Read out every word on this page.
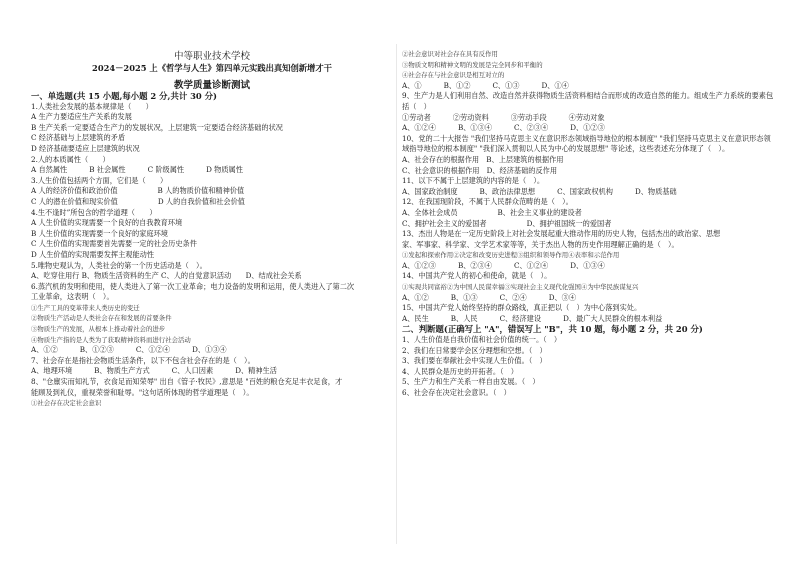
中等职业技术学校
2024－2025 上《哲学与人生》第四单元实践出真知创新增才干
教学质量诊断测试
一、单选题(共 15 小题,每小题 2 分,共计 30 分)
1.人类社会发展的基本规律是（　　）
A 生产力要适应生产关系的发展
B 生产关系一定要适合生产力的发展状况，上层建筑一定要适合经济基础的状况
C 经济基础与上层建筑的矛盾
D 经济基础要适应上层建筑的状况
2.人的本质属性（　　）
A 自然属性	B 社会属性	C 阶级属性	D 物质属性
3.人生价值包括两个方面，它们是（　　）
A 人的经济价值和政治价值	B 人的物质价值和精神价值
C 人的潜在价值和现实价值	D 人的自我价值和社会价值
4.生不逢时”所包含的哲学道理（　　）
A 人生价值的实现需要一个良好的自我教育环境
B 人生价值的实现需要一个良好的家庭环境
C 人生价值的实现需要首先需要一定的社会历史条件
D 人生价值的实现需要发挥主观能动性
5.唯物史观认为，人类社会的第一个历史活动是（　）。
A、吃穿住用行 B、物质生活资料的生产 C、人的自觉意识活动　　D、结成社会关系
6.蒸汽机的发明和使用，使人类进入了第一次工业革命；电力设备的发明和运用，使人类进入了第二次
工业革命，这表明（　）。
①生产工具的变革带来人类历史的变迁
②物质生产活动是人类社会存在和发展的首要条件
③物质生产的发展，从根本上推动着社会的进步
④物质生产指的是人类为了获取精神资料而进行社会活动
A、①②	B、①②③	C、①②④	D、①③④
7、社会存在是指社会物质生活条件，以下不包含社会存在的是（　）。
A、地理环境	B、物质生产方式	C、人口因素	D、精神生活
8、"仓廪实而知礼节，衣食足而知荣辱" 出自《管子·牧民》,意思是 "百姓的粮仓充足丰衣足食，才
能顾及到礼仪，重视荣誉和耻辱。"这句话所体现的哲学道理是（　）。
①社会存在决定社会意识
②社会意识对社会存在具有反作用
③物质文明和精神文明的发展是完全同步和平衡的
④社会存在与社会意识是相互对立的
A、①	B、①②	C、①③	D、①④
9、生产力是人们利用自然、改造自然并获得物质生活资料相结合而形成的改造自然的能力。组成生产力系统的要素包
括（　）
①劳动者	②劳动资料	③劳动手段	④劳动对象
A、①②④	B、①③④	C、②③④	D、①②③
10、党的二十大报告 "我们坚持马克思主义在意识形态领域指导地位的根本制度" "我们坚持马克思主义在意识形态领
域指导地位的根本制度" "我们深入贯彻以人民为中心的发展思想" 等论述，这些表述充分体现了（　）。
A、社会存在的根据作用　B、上层建筑的根据作用
C、社会意识的根据作用　D、经济基础的反作用
11、以下不属于上层建筑的内容的是（　）。
A、国家政治制度	B、政治法律思想	C、国家政权机构	D、物质基础
12、在我国现阶段，不属于人民群众范畴的是（　）。
A、全体社会成员	B、社会主义事业的建设者
C、拥护社会主义的爱国者	D、拥护祖国统一的爱国者
13、杰出人物是在一定历史阶段上对社会发展起重大推动作用的历史人物，包括杰出的政治家、思想
家、军事家、科学家、文学艺术家等等，关于杰出人物的历史作用理解正确的是（　）。
①发起和探索作用②决定和改变历史进程③组织和领导作用④表率和示范作用
A、①②③	B、②③④	C、①②④	D、①③④
14、中国共产党人的初心和使命，就是（　）。
①实现共同富裕②为中国人民谋幸福③实现社会主义现代化强国④为中华民族谋复兴
A、①②	B、①③	C、②④	D、③④
15、中国共产党人始终坚持的群众路线，真正把以（　）为中心落到实处。
A、民生	B、人民	C、经济建设	D、最广大人民群众的根本利益
二、判断题(正确写上 "A"，错误写上 "B"，共 10 题，每小题 2 分，共 20 分)
1、人生价值是自我价值和社会价值的统一。（　）
2、我们在日常要学会区分理想和空想。（　）
3、我们要在奉献社会中实现人生价值。（　）
4、人民群众是历史的开拓者。（　）
5、生产力和生产关系一样自由发展。（　）
6、社会存在决定社会意识。（　）
